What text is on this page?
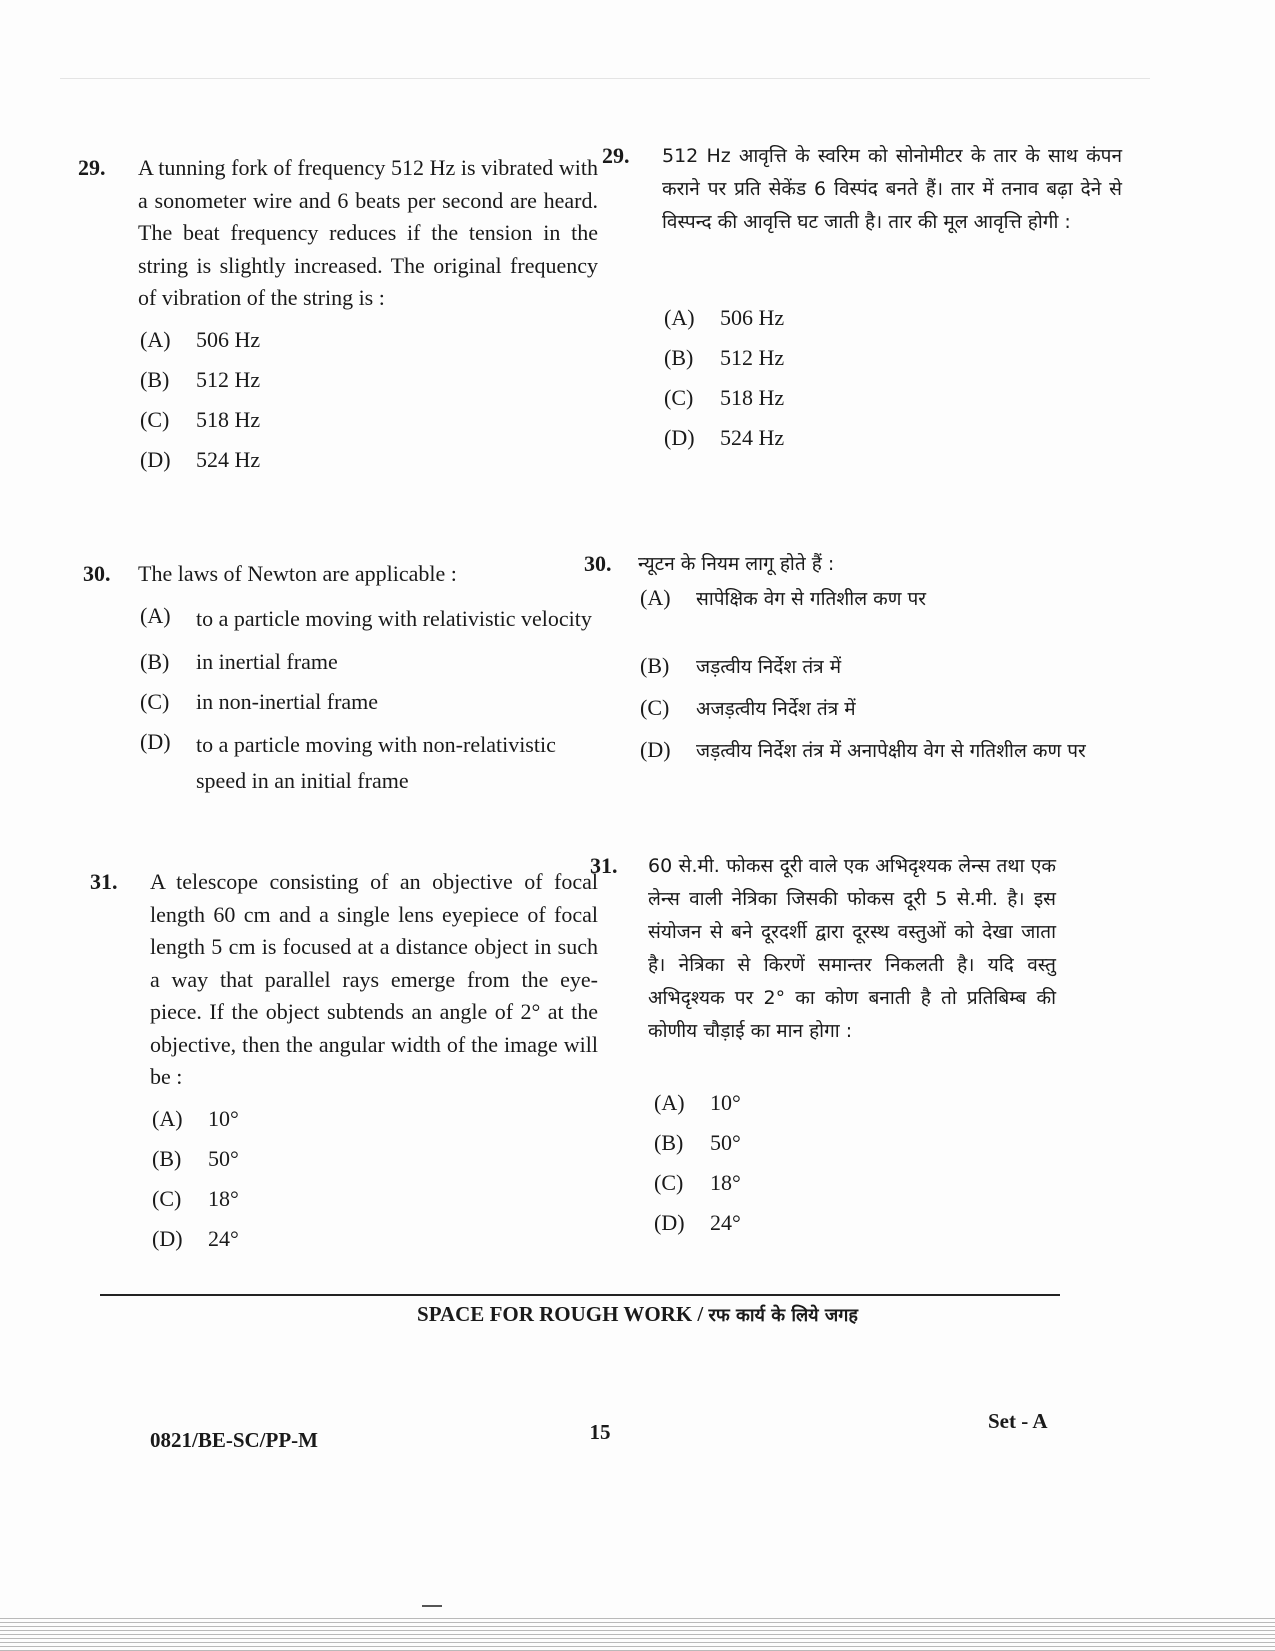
29. A tunning fork of frequency 512 Hz is vibrated with a sonometer wire and 6 beats per second are heard. The beat frequency reduces if the tension in the string is slightly increased. The original frequency of vibration of the string is :
(A)	506 Hz
(B)	512 Hz
(C)	518 Hz
(D)	524 Hz
30. The laws of Newton are applicable :
(A)	to a particle moving with relativistic velocity
(B)	in inertial frame
(C)	in non-inertial frame
(D)	to a particle moving with non-relativistic speed in an initial frame
31. A telescope consisting of an objective of focal length 60 cm and a single lens eyepiece of focal length 5 cm is focused at a distance object in such a way that parallel rays emerge from the eye-piece. If the object subtends an angle of 2° at the objective, then the angular width of the image will be :
(A)	10°
(B)	50°
(C)	18°
(D)	24°
29. 512 Hz आवृत्ति के स्वरिम को सोनोमीटर के तार के साथ कंपन कराने पर प्रति सेकेंड 6 विस्पंद बनते हैं। तार में तनाव बढ़ा देने से विस्पन्द की आवृत्ति घट जाती है। तार की मूल आवृत्ति होगी :
(A)	506 Hz
(B)	512 Hz
(C)	518 Hz
(D)	524 Hz
30. न्यूटन के नियम लागू होते हैं :
(A)	सापेक्षिक वेग से गतिशील कण पर
(B)	जड़त्वीय निर्देश तंत्र में
(C)	अजड़त्वीय निर्देश तंत्र में
(D)	जड़त्वीय निर्देश तंत्र में अनापेक्षीय वेग से गतिशील कण पर
31. 60 से.मी. फोकस दूरी वाले एक अभिदृश्यक लेन्स तथा एक लेन्स वाली नेत्रिका जिसकी फोकस दूरी 5 से.मी. है। इस संयोजन से बने दूरदर्शी द्वारा दूरस्थ वस्तुओं को देखा जाता है। नेत्रिका से किरणें समान्तर निकलती है। यदि वस्तु अभिदृश्यक पर 2° का कोण बनाती है तो प्रतिबिम्ब की कोणीय चौड़ाई का मान होगा :
(A)	10°
(B)	50°
(C)	18°
(D)	24°
SPACE FOR ROUGH WORK / रफ कार्य के लिये जगह
0821/BE-SC/PP-M	15	Set - A
